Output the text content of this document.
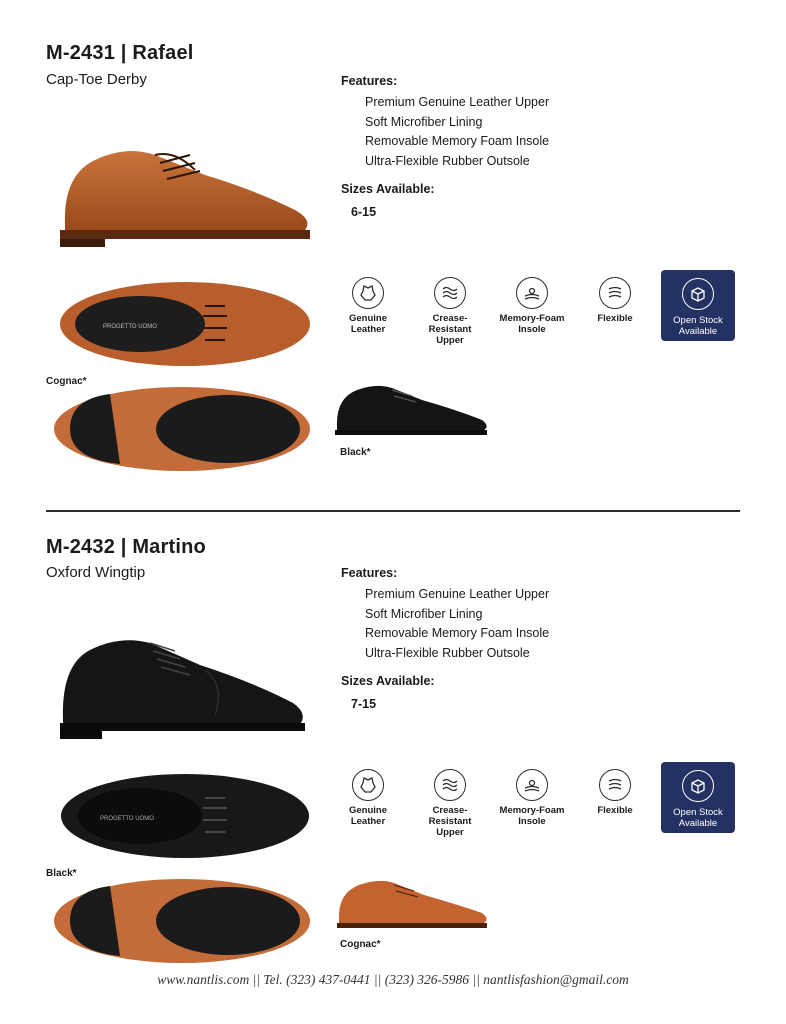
M-2431 | Rafael
Cap-Toe Derby	Features:
Premium Genuine Leather Upper
Soft Microfiber Lining
Removable Memory Foam Insole
Ultra-Flexible Rubber Outsole
Sizes Available:
6-15
PROGETTO UOMO
Cognac*
Black*
Genuine
Leather
Crease-Resistant
Upper
Memory-Foam
Insole
Flexible	Open Stock
Available
M-2432 | Martino
Oxford Wingtip	Features:
Premium Genuine Leather Upper
Soft Microfiber Lining
Removable Memory Foam Insole
Ultra-Flexible Rubber Outsole
Sizes Available:
7-15
PROGETTO UOMO
Black*
Cognac*
Genuine
Leather
Crease-Resistant
Upper
Memory-Foam
Insole
Flexible	Open Stock
Available
www.nantlis.com || Tel. (323) 437-0441 || (323) 326-5986 || nantlisfashion@gmail.com
